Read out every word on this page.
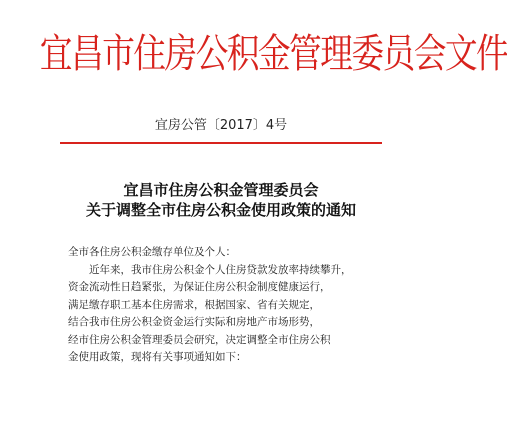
宜昌市住房公积金管理委员会文件
宜房公管〔2017〕4号
宜昌市住房公积金管理委员会
关于调整全市住房公积金使用政策的通知

全市各住房公积金缴存单位及个人：

近年来，我市住房公积金个人住房贷款发放率持续攀升，

资金流动性日趋紧张，为保证住房公积金制度健康运行，

满足缴存职工基本住房需求，根据国家、省有关规定，

结合我市住房公积金资金运行实际和房地产市场形势，

经市住房公积金管理委员会研究，决定调整全市住房公积

金使用政策，现将有关事项通知如下：
